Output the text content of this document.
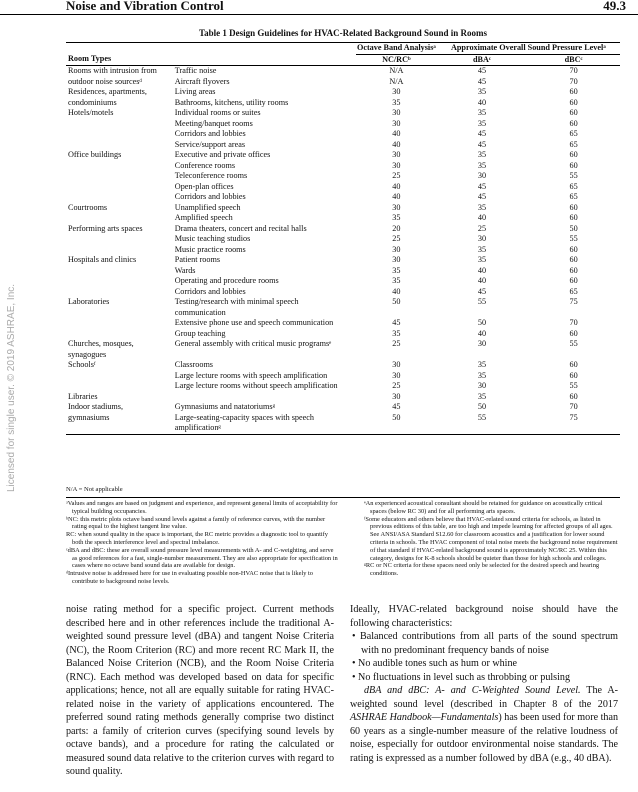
Noise and Vibration Control	49.3
Licensed for single user. © 2019 ASHRAE, Inc.
Table 1 Design Guidelines for HVAC-Related Background Sound in Rooms
		Octave Band Analysisᵃ	Approximate Overall Sound Pressure Levelᵃ	
Room Types		NC/RCᵇ	dBAᶜ	dBCᶜ
Rooms with intrusion from	Traffic noise	N/A	45	70
outdoor noise sourcesᵈ	Aircraft flyovers	N/A	45	70
Residences, apartments,	Living areas	30	35	60
condominiums	Bathrooms, kitchens, utility rooms	35	40	60
Hotels/motels	Individual rooms or suites	30	35	60
	Meeting/banquet rooms	30	35	60
	Corridors and lobbies	40	45	65
	Service/support areas	40	45	65
Office buildings	Executive and private offices	30	35	60
	Conference rooms	30	35	60
	Teleconference rooms	25	30	55
	Open-plan offices	40	45	65
	Corridors and lobbies	40	45	65
Courtrooms	Unamplified speech	30	35	60
	Amplified speech	35	40	60
Performing arts spaces	Drama theaters, concert and recital halls	20	25	50
	Music teaching studios	25	30	55
	Music practice rooms	30	35	60
Hospitals and clinics	Patient rooms	30	35	60
	Wards	35	40	60
	Operating and procedure rooms	35	40	60
	Corridors and lobbies	40	45	65
Laboratories	Testing/research with minimal speech	50	55	75
	communication			
	Extensive phone use and speech communication	45	50	70
	Group teaching	35	40	60
Churches, mosques,	General assembly with critical music programsᵉ	25	30	55
synagogues				
Schoolsᶠ	Classrooms	30	35	60
	Large lecture rooms with speech amplification	30	35	60
	Large lecture rooms without speech amplification	25	30	55
Libraries		30	35	60
Indoor stadiums,	Gymnasiums and natatoriumsᵍ	45	50	70
gymnasiums	Large-seating-capacity spaces with speech	50	55	75
	amplificationᵍ			
N/A = Not applicable

ᵃValues and ranges are based on judgment and experience, and represent general limits of acceptability for typical building occupancies.

ᵇNC: this metric plots octave band sound levels against a family of reference curves, with the number rating equal to the highest tangent line value.

RC: when sound quality in the space is important, the RC metric provides a diagnostic tool to quantify both the speech interference level and spectral imbalance.

ᶜdBA and dBC: these are overall sound pressure level measurements with A- and C-weighting, and serve as good references for a fast, single-number measurement. They are also appropriate for specification in cases where no octave band sound data are available for design.

ᵈIntrusive noise is addressed here for use in evaluating possible non-HVAC noise that is likely to contribute to background noise levels.

ᵉAn experienced acoustical consultant should be retained for guidance on acoustically critical spaces (below RC 30) and for all performing arts spaces.

ᶠSome educators and others believe that HVAC-related sound criteria for schools, as listed in previous editions of this table, are too high and impede learning for affected groups of all ages. See ANSI/ASA Standard S12.60 for classroom acoustics and a justification for lower sound criteria in schools. The HVAC component of total noise meets the background noise requirement of that standard if HVAC-related background sound is approximately NC/RC 25. Within this category, designs for K-8 schools should be quieter than those for high schools and colleges.

ᵍRC or NC criteria for these spaces need only be selected for the desired speech and hearing conditions.

noise rating method for a specific project. Current methods described here and in other references include the traditional A-weighted sound pressure level (dBA) and tangent Noise Criteria (NC), the Room Criterion (RC) and more recent RC Mark II, the Balanced Noise Criterion (NCB), and the Room Noise Criteria (RNC). Each method was developed based on data for specific applications; hence, not all are equally suitable for rating HVAC-related noise in the variety of applications encountered. The preferred sound rating methods generally comprise two distinct parts: a family of criterion curves (specifying sound levels by octave bands), and a procedure for rating the calculated or measured sound data relative to the criterion curves with regard to sound quality.

Ideally, HVAC-related background noise should have the following characteristics:

• Balanced contributions from all parts of the sound spectrum with no predominant frequency bands of noise
• No audible tones such as hum or whine
• No fluctuations in level such as throbbing or pulsing

dBA and dBC: A- and C-Weighted Sound Level. The A-weighted sound level (described in Chapter 8 of the 2017 ASHRAE Handbook—Fundamentals) has been used for more than 60 years as a single-number measure of the relative loudness of noise, especially for outdoor environmental noise standards. The rating is expressed as a number followed by dBA (e.g., 40 dBA).
